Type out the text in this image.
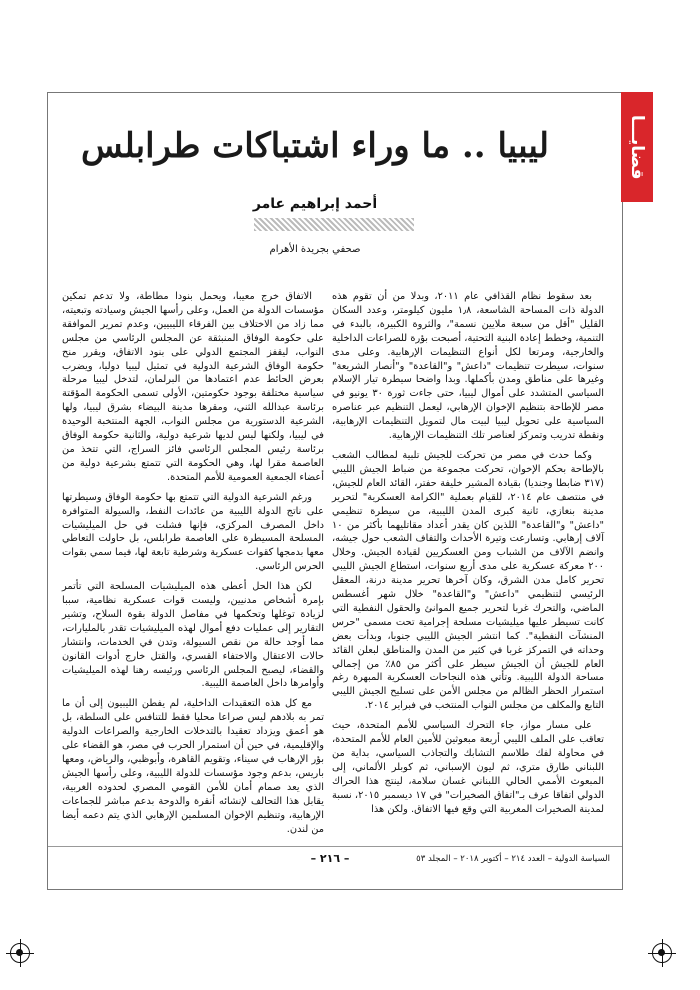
قضايـــا
ليبيا .. ما وراء اشتباكات طرابلس
أحمد إبراهيم عامر
صحفي بجريدة الأهرام

بعد سقوط نظام القذافي عام ٢٠١١، وبدلا من أن تقوم هذه الدولة ذات المساحة الشاسعة، ١٫٨ مليون كيلومتر، وعدد السكان القليل "أقل من سبعة ملايين نسمة"، والثروة الكبيرة، بالبدء في التنمية، وخطط إعادة البنية التحتية، أصبحت بؤرة للصراعات الداخلية والخارجية، ومرتعا لكل أنواع التنظيمات الإرهابية. وعلى مدى سنوات، سيطرت تنظيمات "داعش" و"القاعدة" و"أنصار الشريعة" وغيرها على مناطق ومدن بأكملها. وبدا واضحا سيطرة تيار الإسلام السياسي المتشدد على أموال ليبيا، حتى جاءت ثورة ٣٠ يونيو في مصر للإطاحة بتنظيم الإخوان الإرهابي، ليعمل التنظيم عبر عناصره السياسية على تحويل ليبيا لبيت مال لتمويل التنظيمات الإرهابية، ونقطة تدريب وتمركز لعناصر تلك التنظيمات الإرهابية.

وكما حدث في مصر من تحركت للجيش تلبية لمطالب الشعب بالإطاحة بحكم الإخوان، تحركت مجموعة من ضباط الجيش الليبي (٣١٧ ضابطا وجنديا) بقيادة المشير خليفة حفتر، القائد العام للجيش، في منتصف عام ٢٠١٤، للقيام بعملية "الكرامة العسكرية" لتحرير مدينة بنغازي، ثانية كبرى المدن الليبية، من سيطرة تنظيمي "داعش" و"القاعدة" اللذين كان يقدر أعداد مقاتليهما بأكثر من ١٠ آلاف إرهابي. وتسارعت وتيرة الأحداث والتفاف الشعب حول جيشه، وانضم الآلاف من الشباب ومن العسكريين لقيادة الجيش. وخلال ٢٠٠ معركة عسكرية على مدى أربع سنوات، استطاع الجيش الليبي تحرير كامل مدن الشرق، وكان آخرها تحرير مدينة درنة، المعقل الرئيسي لتنظيمي "داعش" و"القاعدة" خلال شهر أغسطس الماضي، والتحرك غربا لتحرير جميع الموانئ والحقول النفطية التي كانت تسيطر عليها ميليشيات مسلحة إجرامية تحت مسمى "حرس المنشآت النفطية". كما انتشر الجيش الليبي جنوبا، وبدأت بعض وحداته في التمركز غربا في كثير من المدن والمناطق لبعلن القائد العام للجيش أن الجيش سيطر على أكثر من ٨٥٪ من إجمالي مساحة الدولة الليبية. وتأتي هذه النجاحات العسكرية المبهرة رغم استمرار الحظر الظالم من مجلس الأمن على تسليح الجيش الليبي التابع والمكلف من مجلس النواب المنتخب في فبراير ٢٠١٤.

على مسار مواز، جاء التحرك السياسي للأمم المتحدة، حيث تعاقب على الملف الليبي أربعة مبعوثين للأمين العام للأمم المتحدة، في محاولة لفك طلاسم التشابك والتجاذب السياسي، بداية من اللبناني طارق متري، ثم ليون الإسباني، ثم كوبلر الألماني، إلى المبعوث الأممي الحالي اللبناني غسان سلامة، لينتج هذا الحراك الدولي اتفاقا عرف بـ"اتفاق الصخيرات" في ١٧ ديسمبر ٢٠١٥، نسبة لمدينة الصخيرات المغربية التي وقع فيها الاتفاق. ولكن هذا

الاتفاق خرج معيبا، ويحمل بنودا مطاطة، ولا تدعم تمكين مؤسسات الدولة من العمل، وعلى رأسها الجيش وسيادته وتبعيته، مما زاد من الاختلاف بين الفرقاء الليبيين، وعدم تمرير الموافقة على حكومة الوفاق المنبثقة عن المجلس الرئاسي من مجلس النواب، ليقفز المجتمع الدولي على بنود الاتفاق، ويقرر منح حكومة الوفاق الشرعية الدولية في تمثيل ليبيا دوليا، ويضرب بعرض الحائط عدم اعتمادها من البرلمان، لتدخل ليبيا مرحلة سياسية مختلفة بوجود حكومتين، الأولى تسمى الحكومة المؤقتة برئاسة عبدالله الثني، ومقرها مدينة البيضاء بشرق ليبيا، ولها الشرعية الدستورية من مجلس النواب، الجهة المنتخبة الوحيدة في ليبيا، ولكنها ليس لديها شرعية دولية، والثانية حكومة الوفاق برئاسة رئيس المجلس الرئاسي فائز السراج، التي تتخذ من العاصمة مقرا لها، وهي الحكومة التي تتمتع بشرعية دولية من أعضاء الجمعية العمومية للأمم المتحدة.

ورغم الشرعية الدولية التي تتمتع بها حكومة الوفاق وسيطرتها على ناتج الدولة الليبية من عائدات النفط، والسيولة المتوافرة داخل المصرف المركزي، فإنها فشلت في حل الميليشيات المسلحة المسيطرة على العاصمة طرابلس، بل حاولت التعاطي معها بدمجها كقوات عسكرية وشرطية تابعة لها، فيما سمي بقوات الحرس الرئاسي.

لكن هذا الحل أعطى هذه الميليشيات المسلحة التي تأتمر بإمرة أشخاص مدنيين، وليست قوات عسكرية نظامية، سببا لزيادة توغلها وتحكمها في مفاصل الدولة بقوة السلاح، وتشير التقارير إلى عمليات دفع أموال لهذه الميليشيات تقدر بالمليارات، مما أوجد حالة من نقص السيولة، وتدن في الخدمات، وانتشار حالات الاعتقال والاختفاء القسري، والقتل خارج أدوات القانون والقضاء، ليصبح المجلس الرئاسي ورئيسه رهنا لهذه الميليشيات وأوامرها داخل العاصمة الليبية.

مع كل هذه التعقيدات الداخلية، لم يفطن الليبيون إلى أن ما تمر به بلادهم ليس صراعا محليا فقط للتنافس على السلطة، بل هو أعمق ويزداد تعقيدا بالتدخلات الخارجية والصراعات الدولية والإقليمية، في حين أن استمرار الحرب في مصر، هو القضاء على بؤر الإرهاب في سيناء، وتقويم القاهرة، وأبوظبي، والرياض، ومعها باريس، بدعم وجود مؤسسات للدولة الليبية، وعلى رأسها الجيش الذي يعد صمام أمان للأمن القومي المصري لحدوده الغربية، يقابل هذا التحالف لإنشائه أنقرة والدوحة بدعم مباشر للجماعات الإرهابية، وتنظيم الإخوان المسلمين الإرهابي الذي يتم دعمه أيضا من لندن.

– ٢١٦ –	السياسة الدولية – العدد ٢١٤ – أكتوبر ٢٠١٨ – المجلد ٥٣
